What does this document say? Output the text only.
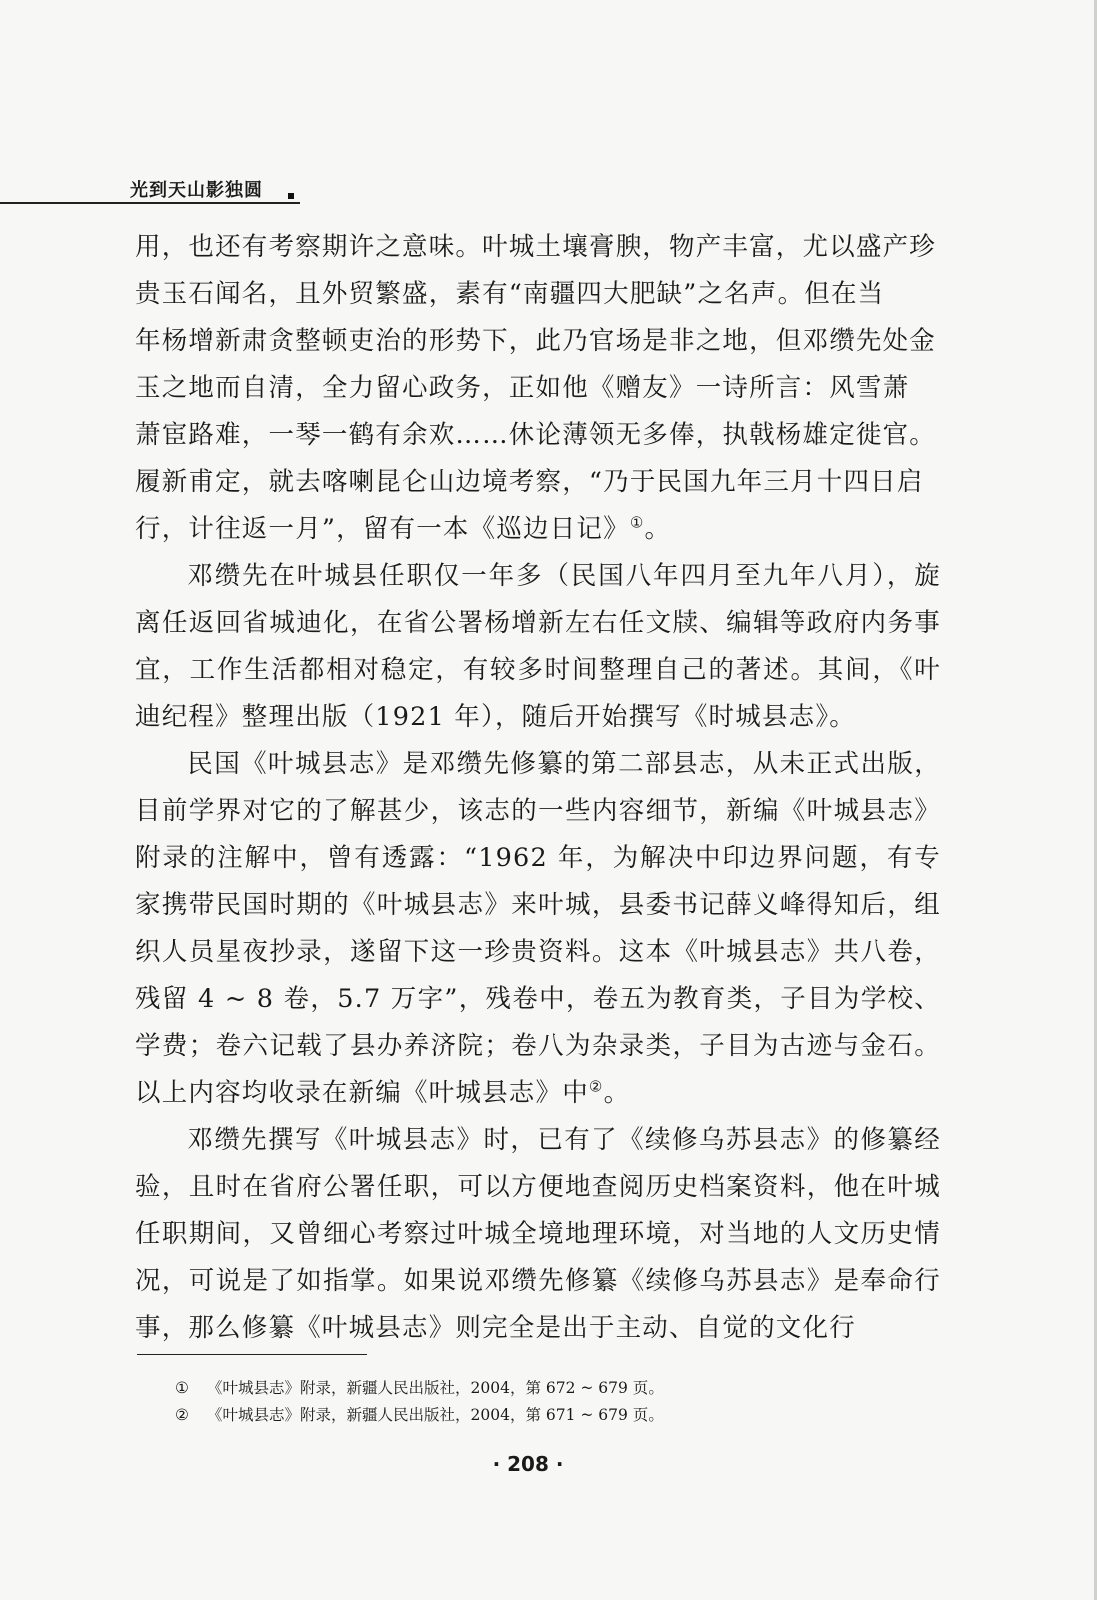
光到天山影独圆
用，也还有考察期许之意味。叶城土壤膏腴，物产丰富，尤以盛产珍
贵玉石闻名，且外贸繁盛，素有“南疆四大肥缺”之名声。但在当
年杨增新肃贪整顿吏治的形势下，此乃官场是非之地，但邓缵先处金
玉之地而自清，全力留心政务，正如他《赠友》一诗所言：风雪萧
萧宦路难，一琴一鹤有余欢……休论薄领无多俸，执戟杨雄定徙官。
履新甫定，就去喀喇昆仑山边境考察，“乃于民国九年三月十四日启
行，计往返一月”，留有一本《巡边日记》①。

邓缵先在叶城县任职仅一年多（民国八年四月至九年八月），旋离任返回省城迪化，在省公署杨增新左右任文牍、编辑等政府内务事宜，工作生活都相对稳定，有较多时间整理自己的著述。其间，《叶迪纪程》整理出版（1921 年），随后开始撰写《时城县志》。

民国《叶城县志》是邓缵先修纂的第二部县志，从未正式出版，目前学界对它的了解甚少，该志的一些内容细节，新编《叶城县志》附录的注解中，曾有透露：“1962 年，为解决中印边界问题，有专家携带民国时期的《叶城县志》来叶城，县委书记薛义峰得知后，组织人员星夜抄录，遂留下这一珍贵资料。这本《叶城县志》共八卷，残留 4 ~ 8 卷，5.7 万字”，残卷中，卷五为教育类，子目为学校、学费；卷六记载了县办养济院；卷八为杂录类，子目为古迹与金石。以上内容均收录在新编《叶城县志》中②。

邓缵先撰写《叶城县志》时，已有了《续修乌苏县志》的修纂经验，且时在省府公署任职，可以方便地查阅历史档案资料，他在叶城任职期间，又曾细心考察过叶城全境地理环境，对当地的人文历史情况，可说是了如指掌。如果说邓缵先修纂《续修乌苏县志》是奉命行事，那么修纂《叶城县志》则完全是出于主动、自觉的文化行

① 《叶城县志》附录，新疆人民出版社，2004，第 672 ~ 679 页。

② 《叶城县志》附录，新疆人民出版社，2004，第 671 ~ 679 页。

· 208 ·
